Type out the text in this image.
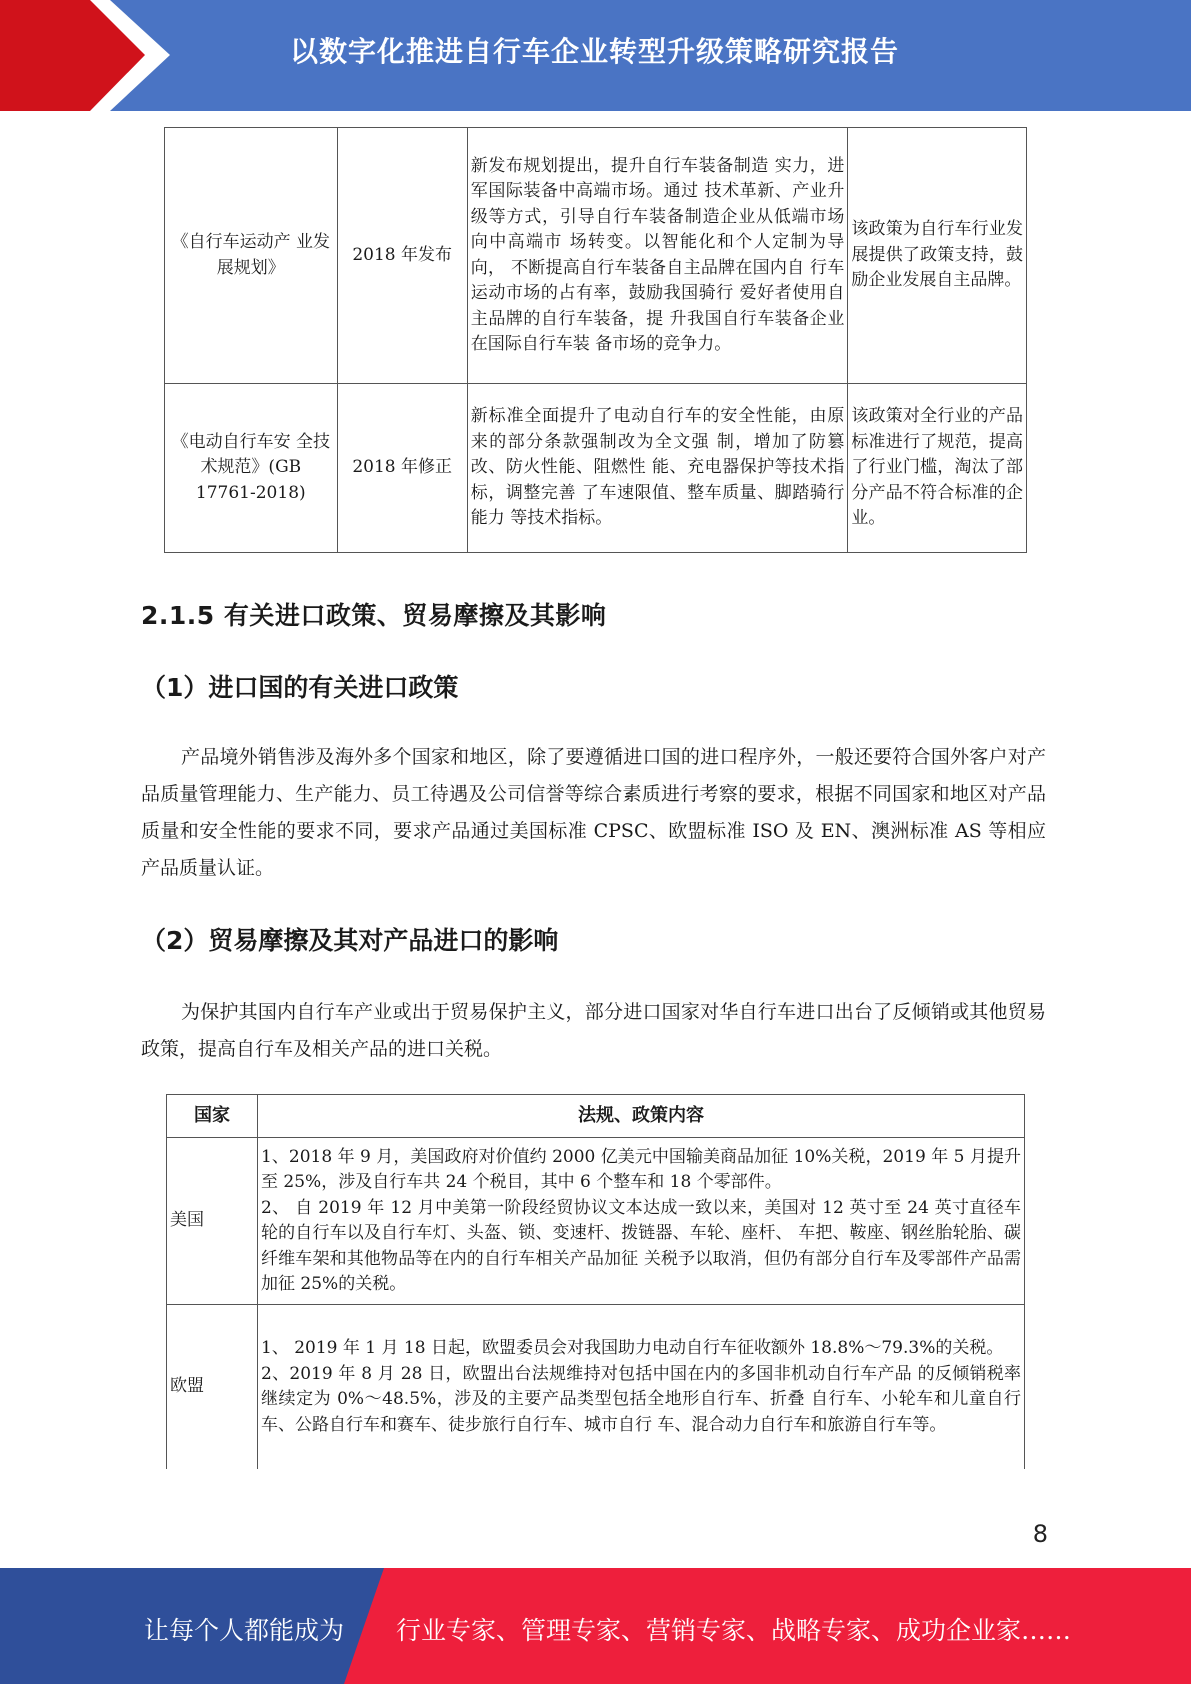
以数字化推进自行车企业转型升级策略研究报告
《自行车运动产 业发展规划》	2018 年发布	新发布规划提出，提升自行车装备制造 实力，进军国际装备中高端市场。通过 技术革新、产业升级等方式，引导自行车装备制造企业从低端市场向中高端市 场转变。以智能化和个人定制为导向， 不断提高自行车装备自主品牌在国内自 行车运动市场的占有率，鼓励我国骑行 爱好者使用自主品牌的自行车装备，提 升我国自行车装备企业在国际自行车装 备市场的竞争力。	该政策为自行车行业发展提供了政策支持，鼓励企业发展自主品牌。
《电动自行车安 全技术规范》(GB 17761-2018)	2018 年修正	新标准全面提升了电动自行车的安全性能，由原来的部分条款强制改为全文强 制，增加了防篡改、防火性能、阻燃性 能、充电器保护等技术指标，调整完善 了车速限值、整车质量、脚踏骑行能力 等技术指标。	该政策对全行业的产品标准进行了规范，提高了行业门槛，淘汰了部分产品不符合标准的企业。
2.1.5 有关进口政策、贸易摩擦及其影响
（1）进口国的有关进口政策
产品境外销售涉及海外多个国家和地区，除了要遵循进口国的进口程序外，一般还要符合国外客户对产品质量管理能力、生产能力、员工待遇及公司信誉等综合素质进行考察的要求，根据不同国家和地区对产品质量和安全性能的要求不同，要求产品通过美国标准 CPSC、欧盟标准 ISO 及 EN、澳洲标准 AS 等相应产品质量认证。
（2）贸易摩擦及其对产品进口的影响
为保护其国内自行车产业或出于贸易保护主义，部分进口国家对华自行车进口出台了反倾销或其他贸易政策，提高自行车及相关产品的进口关税。
国家	法规、政策内容
美国	1、2018 年 9 月，美国政府对价值约 2000 亿美元中国输美商品加征 10%关税，2019 年 5 月提升至 25%，涉及自行车共 24 个税目，其中 6 个整车和 18 个零部件。
2、 自 2019 年 12 月中美第一阶段经贸协议文本达成一致以来，美国对 12 英寸至 24 英寸直径车轮的自行车以及自行车灯、头盔、锁、变速杆、拨链器、车轮、座杆、 车把、鞍座、钢丝胎轮胎、碳纤维车架和其他物品等在内的自行车相关产品加征 关税予以取消，但仍有部分自行车及零部件产品需加征 25%的关税。

欧盟	1、 2019 年 1 月 18 日起，欧盟委员会对我国助力电动自行车征收额外 18.8%～79.3%的关税。
2、2019 年 8 月 28 日，欧盟出台法规维持对包括中国在内的多国非机动自行车产品 的反倾销税率继续定为 0%～48.5%，涉及的主要产品类型包括全地形自行车、折叠 自行车、小轮车和儿童自行车、公路自行车和赛车、徒步旅行自行车、城市自行 车、混合动力自行车和旅游自行车等。
8
让每个人都能成为 行业专家、管理专家、营销专家、战略专家、成功企业家……
